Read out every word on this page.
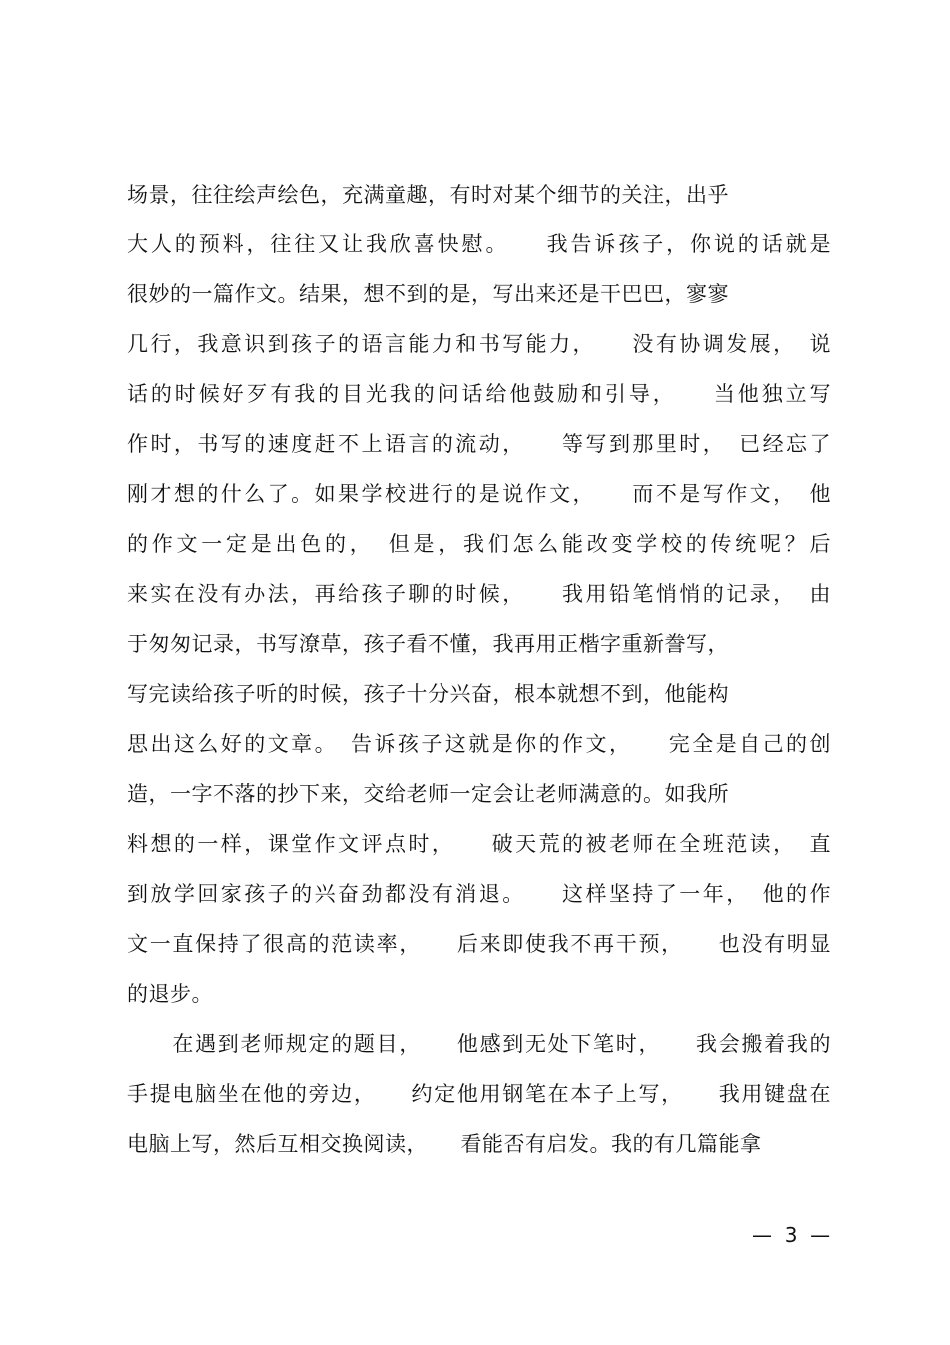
场景，往往绘声绘色，充满童趣，有时对某个细节的关注，出乎
大人的预料，往往又让我欣喜快慰。　　我告诉孩子，你说的话就是
很妙的一篇作文。结果，想不到的是，写出来还是干巴巴，寥寥
几行，我意识到孩子的语言能力和书写能力，　　没有协调发展，　说
话的时候好歹有我的目光我的问话给他鼓励和引导，　　当他独立写
作时，书写的速度赶不上语言的流动，　　等写到那里时，　已经忘了
刚才想的什么了。如果学校进行的是说作文，　　而不是写作文，　他
的作文一定是出色的，　但是，我们怎么能改变学校的传统呢？后
来实在没有办法，再给孩子聊的时候，　　我用铅笔悄悄的记录，　由
于匆匆记录，书写潦草，孩子看不懂，我再用正楷字重新誊写，
写完读给孩子听的时候，孩子十分兴奋，根本就想不到，他能构
思出这么好的文章。　告诉孩子这就是你的作文，　　完全是自己的创
造，一字不落的抄下来，交给老师一定会让老师满意的。如我所
料想的一样，课堂作文评点时，　　破天荒的被老师在全班范读，　直
到放学回家孩子的兴奋劲都没有消退。　　这样坚持了一年，　他的作
文一直保持了很高的范读率，　　后来即使我不再干预，　　也没有明显
的退步。
　　在遇到老师规定的题目，　　他感到无处下笔时，　　我会搬着我的
手提电脑坐在他的旁边，　　约定他用钢笔在本子上写，　　我用键盘在
电脑上写，然后互相交换阅读，　　看能否有启发。我的有几篇能拿
—  3  —
